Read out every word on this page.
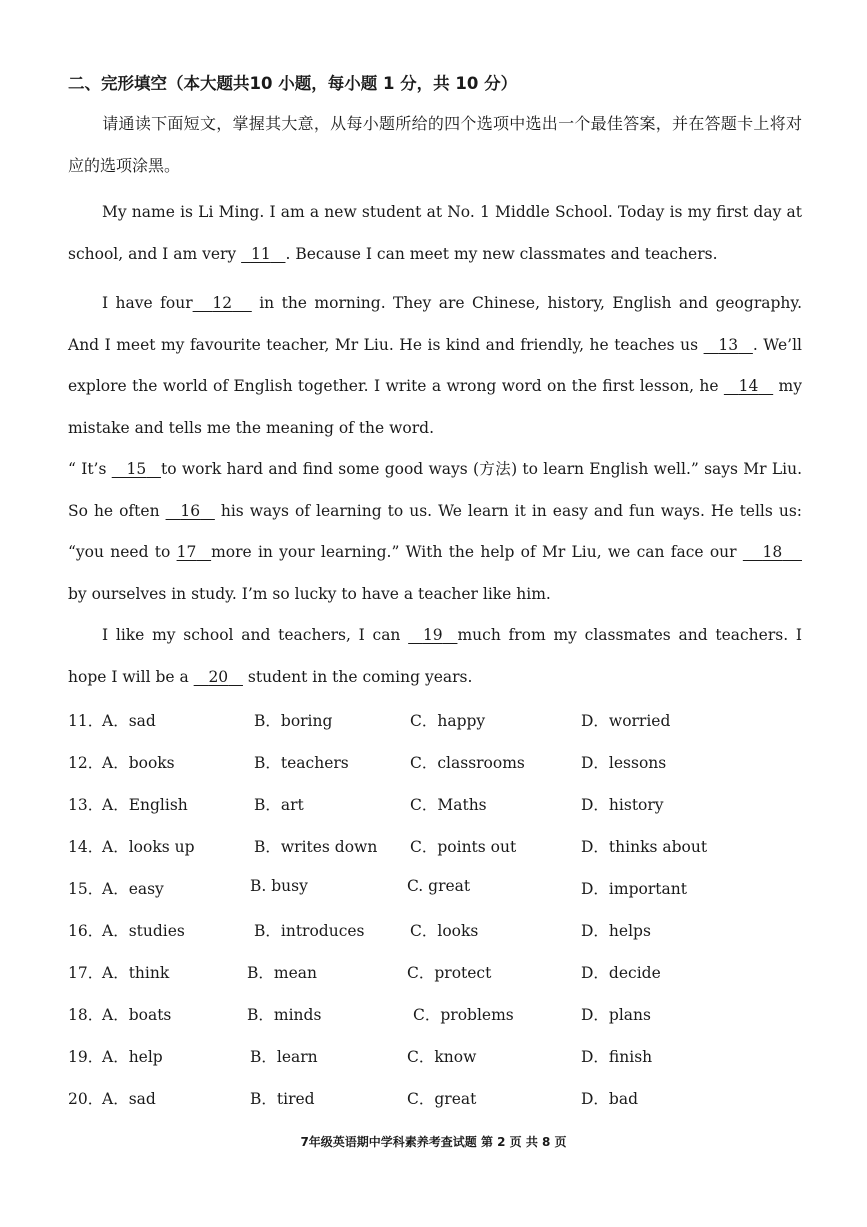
二、完形填空（本大题共10 小题，每小题 1 分，共 10 分）
请通读下面短文，掌握其大意，从每小题所给的四个选项中选出一个最佳答案，并在答题卡上将对应的选项涂黑。
My name is Li Ming. I am a new student at No. 1 Middle School. Today is my first day at school, and I am very   11 . Because I can meet my new classmates and teachers.
I have four 12     in the morning. They are Chinese, history, English and geography. And I meet my favourite teacher, Mr Liu. He is kind and friendly, he teaches us    13 . We’ll explore the world of English together. I write a wrong word on the first lesson, he    14    my mistake and tells me the meaning of the word.
“ It’s    15 to work hard and find some good ways (方法) to learn English well.” says Mr Liu. So he often    16    his ways of learning to us. We learn it in easy and fun ways. He tells us: “you need to 17 more in your learning.” With the help of Mr Liu, we can face our     18     by ourselves in study. I’m so lucky to have a teacher like him.
I like my school and teachers, I can    19 much from my classmates and teachers. I hope I will be a    20    student in the coming years.
11．
A．sad	B．boring	C．happy	D．worried
12．
A．books	B．teachers	C．classrooms	D．lessons
13．
A．English	B．art	C．Maths	D．history
14．
A．looks up	B．writes down C．points out	D．thinks about
15．
A．easy	B. busy	C. great	D．important
16．
A．studies	B．introduces	C．looks	D．helps
17．
A．think	B．mean	C．protect	D．decide
18．
A．boats	B．minds	C．problems	D．plans
19．
A．help	B．learn	C．know	D．finish
20．
A．sad	B．tired	C．great	D．bad
7年级英语期中学科素养考查试题 第 2 页 共 8 页
